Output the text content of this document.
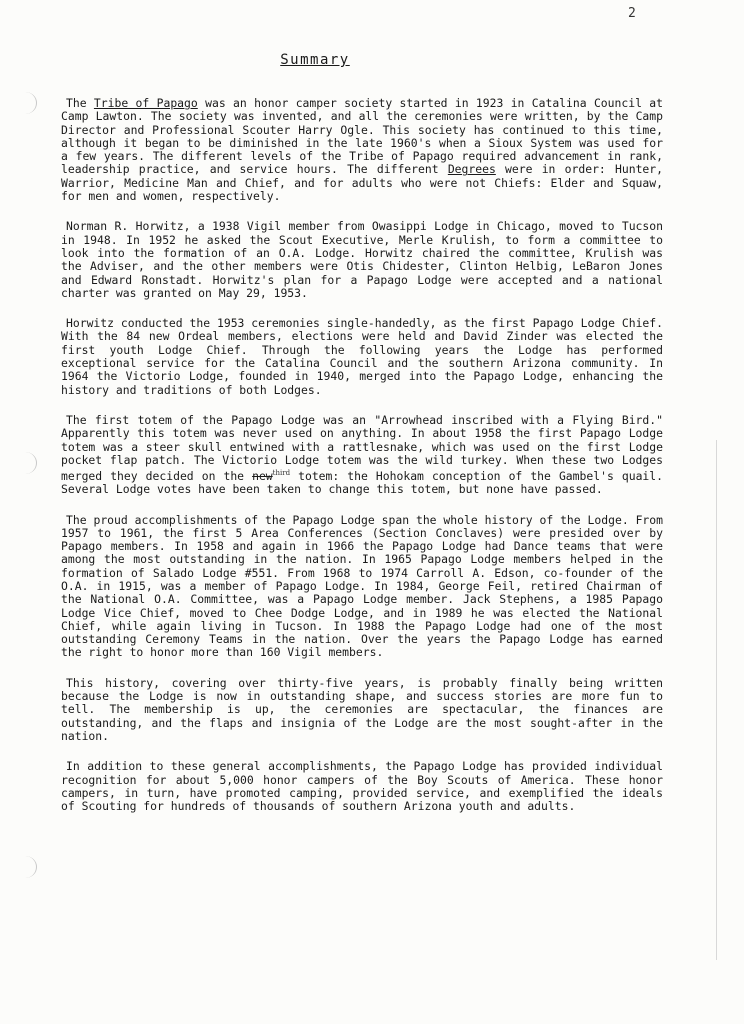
2
Summary

The Tribe of Papago was an honor camper society started in 1923 in Catalina Council at Camp Lawton. The society was invented, and all the ceremonies were written, by the Camp Director and Professional Scouter Harry Ogle. This society has continued to this time, although it began to be diminished in the late 1960's when a Sioux System was used for a few years. The different levels of the Tribe of Papago required advancement in rank, leadership practice, and service hours. The different Degrees were in order: Hunter, Warrior, Medicine Man and Chief, and for adults who were not Chiefs: Elder and Squaw, for men and women, respectively.

Norman R. Horwitz, a 1938 Vigil member from Owasippi Lodge in Chicago, moved to Tucson in 1948. In 1952 he asked the Scout Executive, Merle Krulish, to form a committee to look into the formation of an O.A. Lodge. Horwitz chaired the committee, Krulish was the Adviser, and the other members were Otis Chidester, Clinton Helbig, LeBaron Jones and Edward Ronstadt. Horwitz's plan for a Papago Lodge were accepted and a national charter was granted on May 29, 1953.

Horwitz conducted the 1953 ceremonies single-handedly, as the first Papago Lodge Chief. With the 84 new Ordeal members, elections were held and David Zinder was elected the first youth Lodge Chief. Through the following years the Lodge has performed exceptional service for the Catalina Council and the southern Arizona community. In 1964 the Victorio Lodge, founded in 1940, merged into the Papago Lodge, enhancing the history and traditions of both Lodges.

The first totem of the Papago Lodge was an "Arrowhead inscribed with a Flying Bird." Apparently this totem was never used on anything. In about 1958 the first Papago Lodge totem was a steer skull entwined with a rattlesnake, which was used on the first Lodge pocket flap patch. The Victorio Lodge totem was the wild turkey. When these two Lodges merged they decided on the new$^{third}$ totem: the Hohokam conception of the Gambel's quail. Several Lodge votes have been taken to change this totem, but none have passed.

The proud accomplishments of the Papago Lodge span the whole history of the Lodge. From 1957 to 1961, the first 5 Area Conferences (Section Conclaves) were presided over by Papago members. In 1958 and again in 1966 the Papago Lodge had Dance teams that were among the most outstanding in the nation. In 1965 Papago Lodge members helped in the formation of Salado Lodge #551. From 1968 to 1974 Carroll A. Edson, co-founder of the O.A. in 1915, was a member of Papago Lodge. In 1984, George Feil, retired Chairman of the National O.A. Committee, was a Papago Lodge member. Jack Stephens, a 1985 Papago Lodge Vice Chief, moved to Chee Dodge Lodge, and in 1989 he was elected the National Chief, while again living in Tucson. In 1988 the Papago Lodge had one of the most outstanding Ceremony Teams in the nation. Over the years the Papago Lodge has earned the right to honor more than 160 Vigil members.

This history, covering over thirty-five years, is probably finally being written because the Lodge is now in outstanding shape, and success stories are more fun to tell. The membership is up, the ceremonies are spectacular, the finances are outstanding, and the flaps and insignia of the Lodge are the most sought-after in the nation.

In addition to these general accomplishments, the Papago Lodge has provided individual recognition for about 5,000 honor campers of the Boy Scouts of America. These honor campers, in turn, have promoted camping, provided service, and exemplified the ideals of Scouting for hundreds of thousands of southern Arizona youth and adults.
